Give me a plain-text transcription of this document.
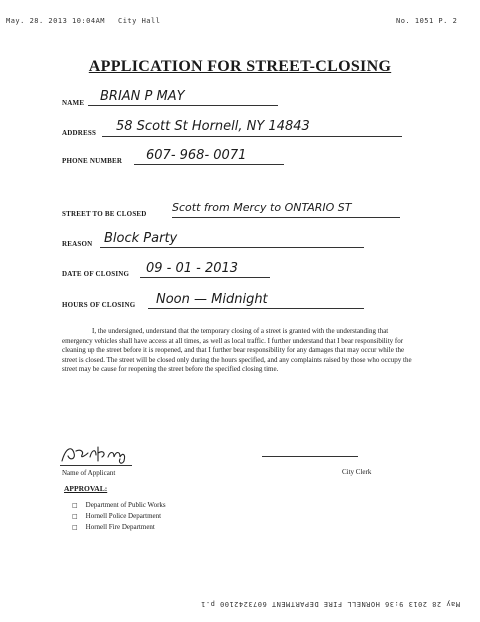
May. 28. 2013 10:04AM City Hall	No. 1051 P. 2
May 28 2013 9:36 HORNELL FIRE DEPARTMENT 6073242100 p.1
APPLICATION FOR STREET-CLOSING
NAME BRIAN P MAY
ADDRESS 58 Scott St Hornell, NY 14843
PHONE NUMBER 607- 968- 0071
STREET TO BE CLOSED Scott from Mercy to ONTARIO ST
REASON Block Party
DATE OF CLOSING 09 - 01 - 2013
HOURS OF CLOSING Noon — Midnight
I, the undersigned, understand that the temporary closing of a street is granted with the understanding that emergency vehicles shall have access at all times, as well as local traffic. I further understand that I bear responsibility for cleaning up the street before it is reopened, and that I further bear responsibility for any damages that may occur while the street is closed. The street will be closed only during the hours specified, and any complaints raised by those who occupy the street may be cause for reopening the street before the specified closing time.
Name of Applicant	City Clerk
APPROVAL:
□ Department of Public Works
□ Hornell Police Department
□ Hornell Fire Department
